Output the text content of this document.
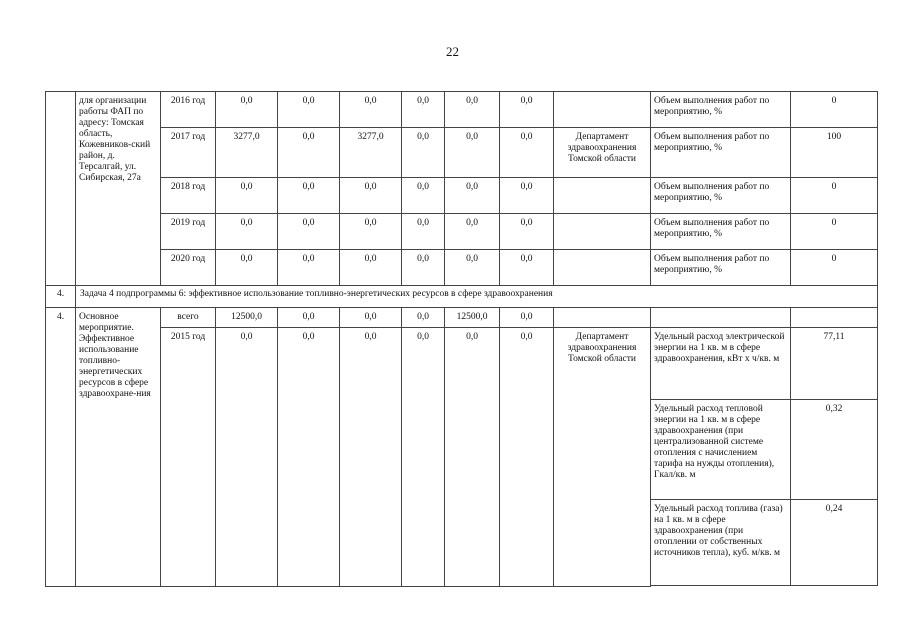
22
	для организации работы ФАП по адресу: Томская область, Кожевников-ский район, д. Терсалгай, ул. Сибирская, 27а	2016 год	0,0	0,0	0,0	0,0	0,0	0,0		Объем выполнения работ по мероприятию, %	0
		2017 год	3277,0	0,0	3277,0	0,0	0,0	0,0	Департамент здравоохранения Томской области	Объем выполнения работ по мероприятию, %	100
		2018 год	0,0	0,0	0,0	0,0	0,0	0,0		Объем выполнения работ по мероприятию, %	0
		2019 год	0,0	0,0	0,0	0,0	0,0	0,0		Объем выполнения работ по мероприятию, %	0
		2020 год	0,0	0,0	0,0	0,0	0,0	0,0		Объем выполнения работ по мероприятию, %	0
4.	Задача 4 подпрограммы 6: эффективное использование топливно-энергетических ресурсов в сфере здравоохранения										
4.	Основное мероприятие. Эффективное использование топливно-энергетических ресурсов в сфере здравоохране-ния	всего	12500,0	0,0	0,0	0,0	12500,0	0,0			
		2015 год	0,0	0,0	0,0	0,0	0,0	0,0	Департамент здравоохранения Томской области	Удельный расход электрической энергии на 1 кв. м в сфере здравоохранения, кВт x ч/кв. м	77,11
										Удельный расход тепловой энергии на 1 кв. м в сфере здравоохранения (при централизованной системе отопления с начислением тарифа на нужды отопления), Гкал/кв. м	0,32
										Удельный расход топлива (газа) на 1 кв. м в сфере здравоохранения (при отоплении от собственных источников тепла), куб. м/кв. м	0,24
